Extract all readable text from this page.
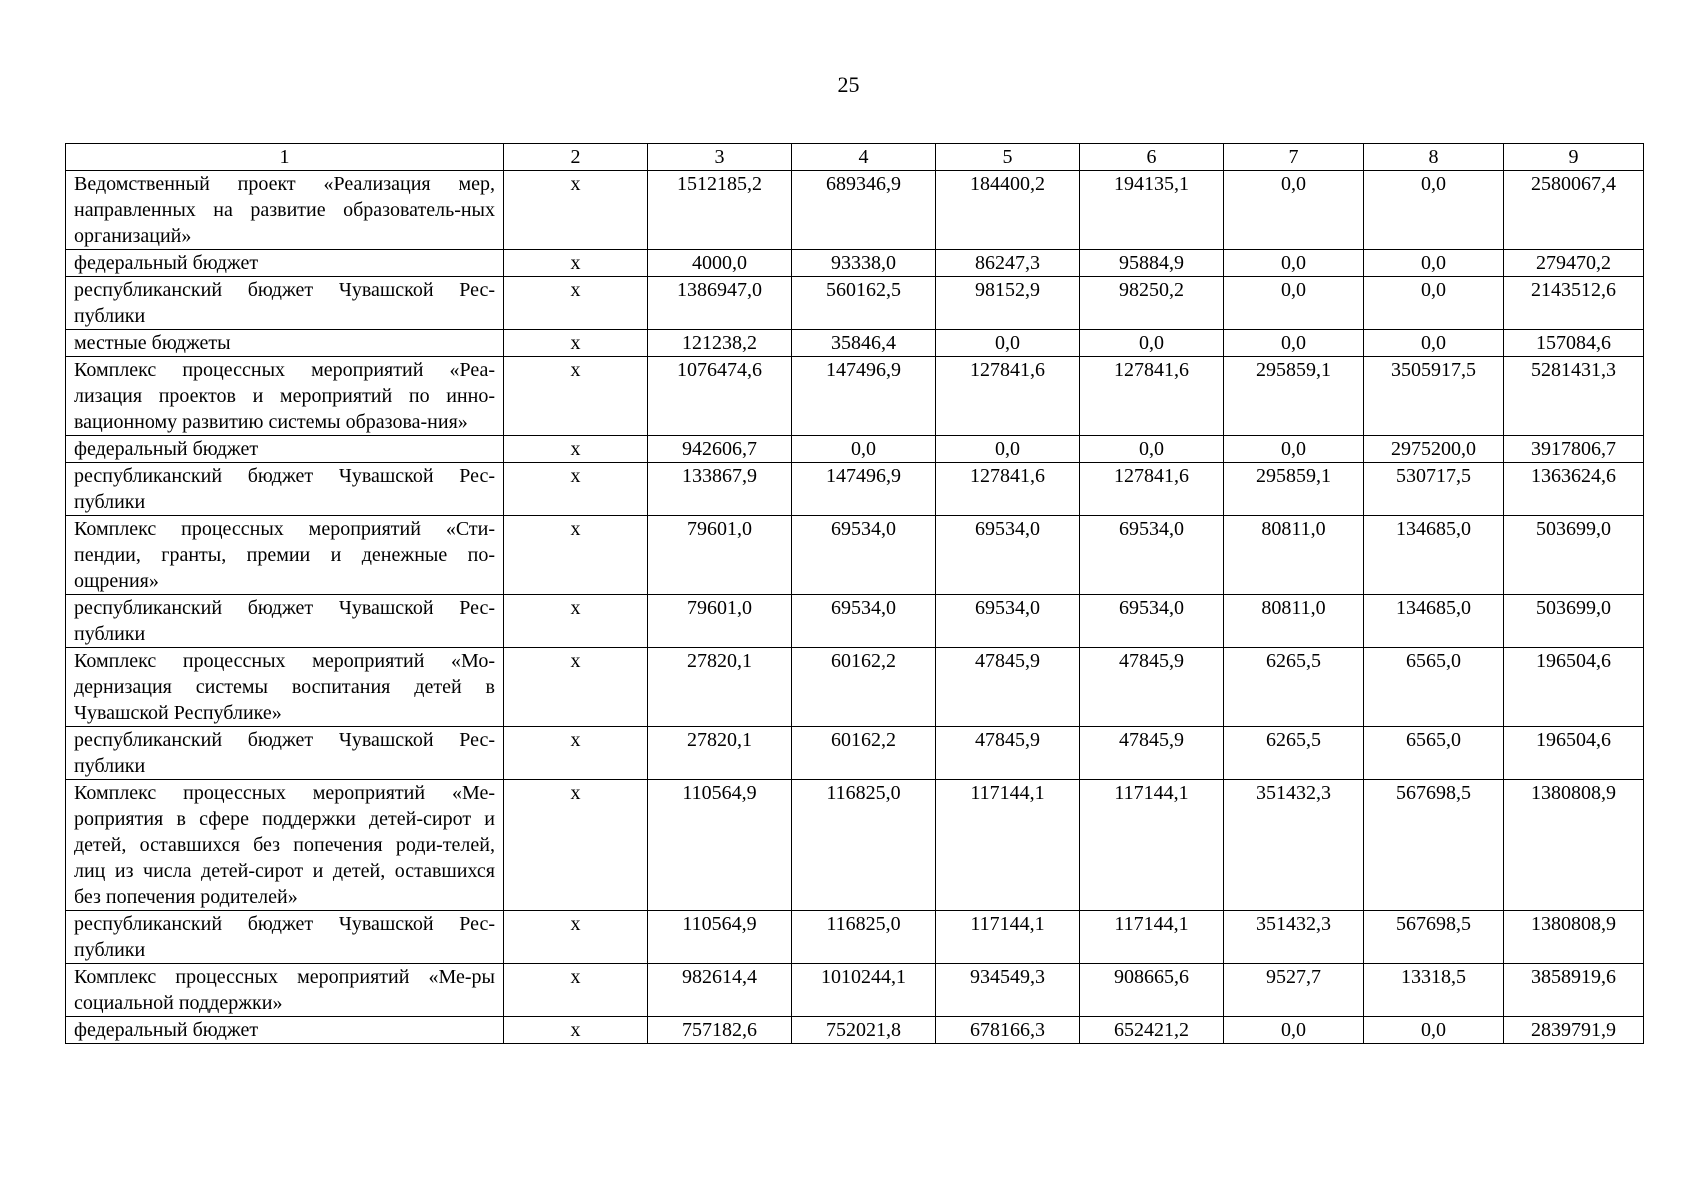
25
1	2	3	4	5	6	7	8	9
Ведомственный проект «Реализация мер, направленных на развитие образователь-ных организаций»	х	1512185,2	689346,9	184400,2	194135,1	0,0	0,0	2580067,4
федеральный бюджет	х	4000,0	93338,0	86247,3	95884,9	0,0	0,0	279470,2
республиканский бюджет Чувашской Рес-публики	х	1386947,0	560162,5	98152,9	98250,2	0,0	0,0	2143512,6
местные бюджеты	х	121238,2	35846,4	0,0	0,0	0,0	0,0	157084,6
Комплекс процессных мероприятий «Реа-лизация проектов и мероприятий по инно-вационному развитию системы образова-ния»	х	1076474,6	147496,9	127841,6	127841,6	295859,1	3505917,5	5281431,3
федеральный бюджет	х	942606,7	0,0	0,0	0,0	0,0	2975200,0	3917806,7
республиканский бюджет Чувашской Рес-публики	х	133867,9	147496,9	127841,6	127841,6	295859,1	530717,5	1363624,6
Комплекс процессных мероприятий «Сти-пендии, гранты, премии и денежные по-ощрения»	х	79601,0	69534,0	69534,0	69534,0	80811,0	134685,0	503699,0
республиканский бюджет Чувашской Рес-публики	х	79601,0	69534,0	69534,0	69534,0	80811,0	134685,0	503699,0
Комплекс процессных мероприятий «Мо-дернизация системы воспитания детей в Чувашской Республике»	х	27820,1	60162,2	47845,9	47845,9	6265,5	6565,0	196504,6
республиканский бюджет Чувашской Рес-публики	х	27820,1	60162,2	47845,9	47845,9	6265,5	6565,0	196504,6
Комплекс процессных мероприятий «Ме-роприятия в сфере поддержки детей-сирот и детей, оставшихся без попечения роди-телей, лиц из числа детей-сирот и детей, оставшихся без попечения родителей»	х	110564,9	116825,0	117144,1	117144,1	351432,3	567698,5	1380808,9
республиканский бюджет Чувашской Рес-публики	х	110564,9	116825,0	117144,1	117144,1	351432,3	567698,5	1380808,9
Комплекс процессных мероприятий «Ме-ры социальной поддержки»	х	982614,4	1010244,1	934549,3	908665,6	9527,7	13318,5	3858919,6
федеральный бюджет	х	757182,6	752021,8	678166,3	652421,2	0,0	0,0	2839791,9
